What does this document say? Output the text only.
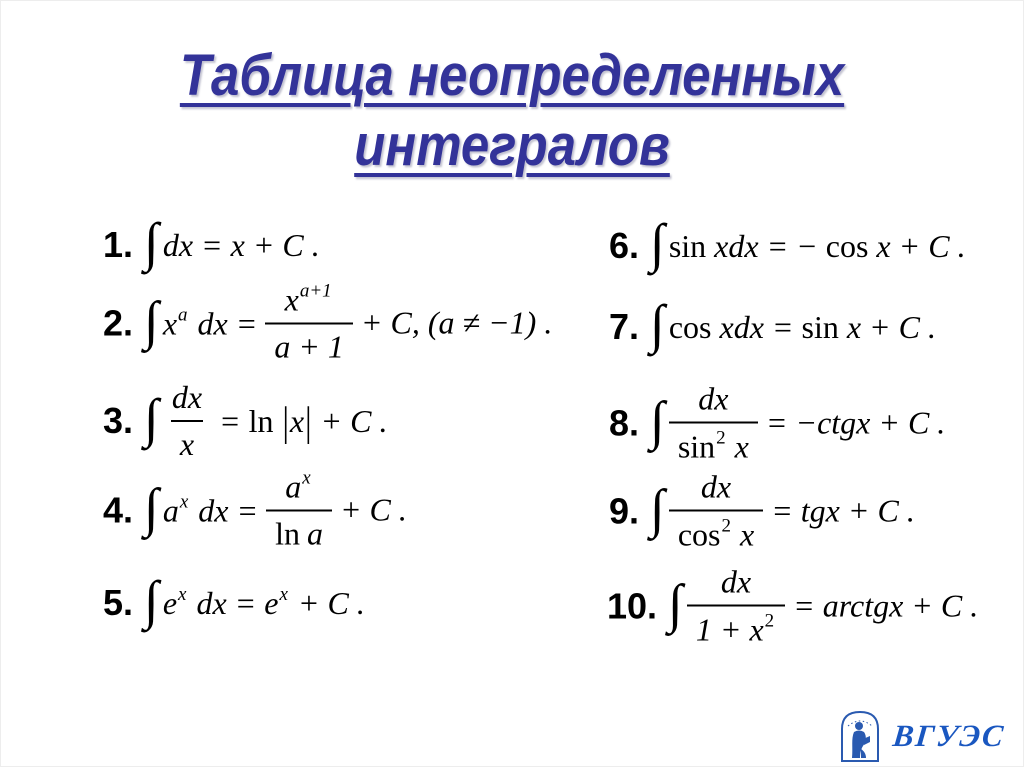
Таблица неопределенных
интегралов
1. ∫ dx = x + C .
2. ∫ $x^a$ dx = $\frac{x^{a+1}}{a + 1} + C$, (a ≠ −1) .
3. ∫ $\frac{dx}{x} = \ln |x| + C$ .
4. ∫ $a^x$ dx = $\frac{a^x}{\text{ln a}} + C$ .
5. ∫ $e^x$ dx = $e^x + C$ .
6. ∫ sin xdx = − cos x + C .
7. ∫ cos xdx = sin x + C .
8. ∫ $\frac{dx}{\sin^2 x}$ = −ctgx + C .
9. ∫ $\frac{dx}{\cos^2 x}$ = tgx + C .
10. ∫ $\frac{dx}{1 + x^2}$ = arctgx + C .
ВГУЭС
